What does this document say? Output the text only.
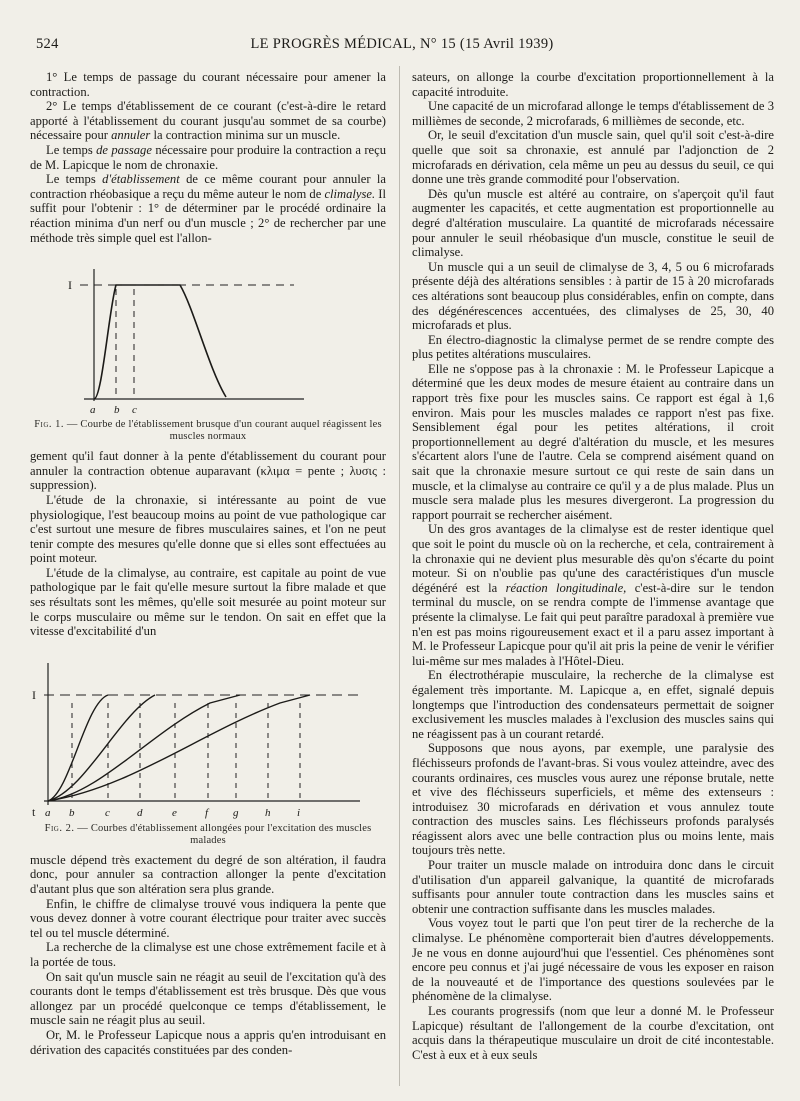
524	LE PROGRÈS MÉDICAL, N° 15 (15 Avril 1939)

1° Le temps de passage du courant nécessaire pour amener la contraction.

2° Le temps d'établissement de ce courant (c'est-à-dire le retard apporté à l'établissement du courant jusqu'au sommet de sa courbe) nécessaire pour annuler la contraction minima sur un muscle.

Le temps de passage nécessaire pour produire la contraction a reçu de M. Lapicque le nom de chronaxie.

Le temps d'établissement de ce même courant pour annuler la contraction rhéobasique a reçu du même auteur le nom de climalyse. Il suffit pour l'obtenir : 1° de déterminer par le procédé ordinaire la réaction minima d'un nerf ou d'un muscle ; 2° de rechercher par une méthode très simple quel est l'allon-

I
a b c
Fig. 1. — Courbe de l'établissement brusque d'un courant auquel réagissent les muscles normaux

gement qu'il faut donner à la pente d'établissement du courant pour annuler la contraction obtenue auparavant (κλιμα = pente ; λυσις : suppression).

L'étude de la chronaxie, si intéressante au point de vue physiologique, l'est beaucoup moins au point de vue pathologique car c'est surtout une mesure de fibres musculaires saines, et l'on ne peut tenir compte des mesures qu'elle donne que si elles sont effectuées au point moteur.

L'étude de la climalyse, au contraire, est capitale au point de vue pathologique par le fait qu'elle mesure surtout la fibre malade et que ses résultats sont les mêmes, qu'elle soit mesurée au point moteur sur le corps musculaire ou même sur le tendon. On sait en effet que la vitesse d'excitabilité d'un

I
t a b	c d	e	f g h i
Fig. 2. — Courbes d'établissement allongées pour l'excitation des muscles malades

muscle dépend très exactement du degré de son altération, il faudra donc, pour annuler sa contraction allonger la pente d'excitation d'autant plus que son altération sera plus grande.

Enfin, le chiffre de climalyse trouvé vous indiquera la pente que vous devez donner à votre courant électrique pour traiter avec succès tel ou tel muscle déterminé.

La recherche de la climalyse est une chose extrêmement facile et à la portée de tous.

On sait qu'un muscle sain ne réagit au seuil de l'excitation qu'à des courants dont le temps d'établissement est très brusque. Dès que vous allongez par un procédé quelconque ce temps d'établissement, le muscle sain ne réagit plus au seuil.

Or, M. le Professeur Lapicque nous a appris qu'en introduisant en dérivation des capacités constituées par des conden-

sateurs, on allonge la courbe d'excitation proportionnellement à la capacité introduite.

Une capacité de un microfarad allonge le temps d'établissement de 3 millièmes de seconde, 2 microfarads, 6 millièmes de seconde, etc.

Or, le seuil d'excitation d'un muscle sain, quel qu'il soit c'est-à-dire quelle que soit sa chronaxie, est annulé par l'adjonction de 2 microfarads en dérivation, cela même un peu au dessus du seuil, ce qui donne une très grande commodité pour l'observation.

Dès qu'un muscle est altéré au contraire, on s'aperçoit qu'il faut augmenter les capacités, et cette augmentation est proportionnelle au degré d'altération musculaire. La quantité de microfarads nécessaire pour annuler le seuil rhéobasique d'un muscle, constitue le seuil de climalyse.

Un muscle qui a un seuil de climalyse de 3, 4, 5 ou 6 microfarads présente déjà des altérations sensibles : à partir de 15 à 20 microfarads ces altérations sont beaucoup plus considérables, enfin on compte, dans des dégénérescences accentuées, des climalyses de 25, 30, 40 microfarads et plus.

En électro-diagnostic la climalyse permet de se rendre compte des plus petites altérations musculaires.

Elle ne s'oppose pas à la chronaxie : M. le Professeur Lapicque a déterminé que les deux modes de mesure étaient au contraire dans un rapport très fixe pour les muscles sains. Ce rapport est égal à 1,6 environ. Mais pour les muscles malades ce rapport n'est pas fixe. Sensiblement égal pour les petites altérations, il croit proportionnellement au degré d'altération du muscle, et les mesures s'écartent alors l'une de l'autre. Cela se comprend aisément quand on sait que la chronaxie mesure surtout ce qui reste de sain dans un muscle, et la climalyse au contraire ce qu'il y a de plus malade. Plus un muscle sera malade plus les mesures divergeront. La progression du rapport pourrait se rechercher aisément.

Un des gros avantages de la climalyse est de rester identique quel que soit le point du muscle où on la recherche, et cela, contrairement à la chronaxie qui ne devient plus mesurable dès qu'on s'écarte du point moteur. Si on n'oublie pas qu'une des caractéristiques d'un muscle dégénéré est la réaction longitudinale, c'est-à-dire sur le tendon terminal du muscle, on se rendra compte de l'immense avantage que présente la climalyse. Le fait qui peut paraître paradoxal à première vue n'en est pas moins rigoureusement exact et il a paru assez important à M. le Professeur Lapicque pour qu'il ait pris la peine de venir le vérifier lui-même sur mes malades à l'Hôtel-Dieu.

En électrothérapie musculaire, la recherche de la climalyse est également très importante. M. Lapicque a, en effet, signalé depuis longtemps que l'introduction des condensateurs permettait de soigner exclusivement les muscles malades à l'exclusion des muscles sains qui ne réagissent pas à un courant retardé.

Supposons que nous ayons, par exemple, une paralysie des fléchisseurs profonds de l'avant-bras. Si vous voulez atteindre, avec des courants ordinaires, ces muscles vous aurez une réponse brutale, nette et vive des fléchisseurs superficiels, et même des extenseurs : introduisez 30 microfarads en dérivation et vous annulez toute contraction des muscles sains. Les fléchisseurs profonds paralysés réagissent alors avec une belle contraction plus ou moins lente, mais toujours très nette.

Pour traiter un muscle malade on introduira donc dans le circuit d'utilisation d'un appareil galvanique, la quantité de microfarads suffisants pour annuler toute contraction dans les muscles sains et obtenir une contraction suffisante dans les muscles malades.

Vous voyez tout le parti que l'on peut tirer de la recherche de la climalyse. Le phénomène comporterait bien d'autres développements. Je ne vous en donne aujourd'hui que l'essentiel. Ces phénomènes sont encore peu connus et j'ai jugé nécessaire de vous les exposer en raison de la nouveauté et de l'importance des questions soulevées par le phénomène de la climalyse.

Les courants progressifs (nom que leur a donné M. le Professeur Lapicque) résultant de l'allongement de la courbe d'excitation, ont acquis dans la thérapeutique musculaire un droit de cité incontestable. C'est à eux et à eux seuls
